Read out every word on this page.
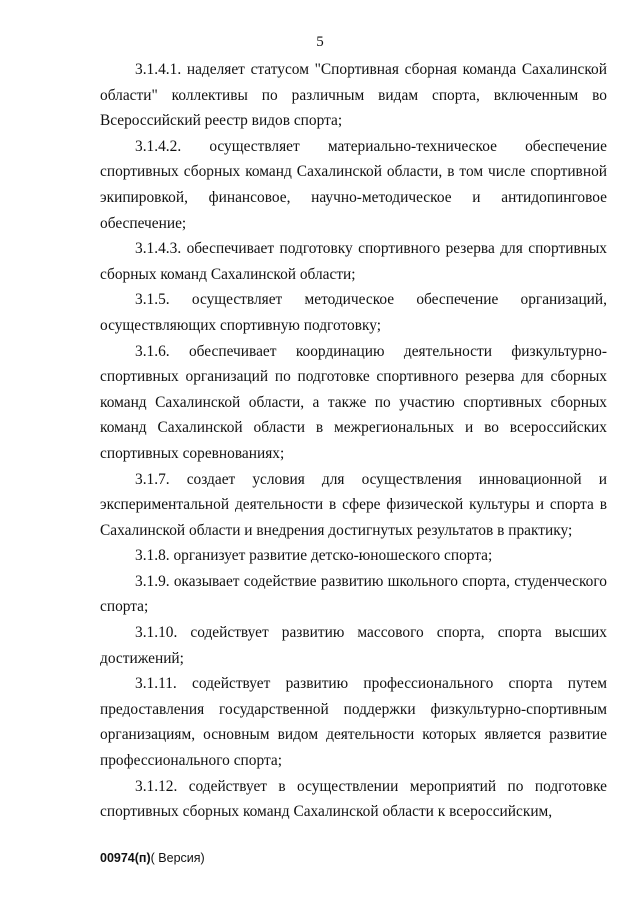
5

3.1.4.1. наделяет статусом "Спортивная сборная команда Сахалинской области" коллективы по различным видам спорта, включенным во Всероссийский реестр видов спорта;

3.1.4.2. осуществляет материально-техническое обеспечение спортивных сборных команд Сахалинской области, в том числе спортивной экипировкой, финансовое, научно-методическое и антидопинговое обеспечение;

3.1.4.3. обеспечивает подготовку спортивного резерва для спортивных сборных команд Сахалинской области;

3.1.5. осуществляет методическое обеспечение организаций, осуществляющих спортивную подготовку;

3.1.6. обеспечивает координацию деятельности физкультурно-спортивных организаций по подготовке спортивного резерва для сборных команд Сахалинской области, а также по участию спортивных сборных команд Сахалинской области в межрегиональных и во всероссийских спортивных соревнованиях;

3.1.7. создает условия для осуществления инновационной и экспериментальной деятельности в сфере физической культуры и спорта в Сахалинской области и внедрения достигнутых результатов в практику;

3.1.8. организует развитие детско-юношеского спорта;

3.1.9. оказывает содействие развитию школьного спорта, студенческого спорта;

3.1.10. содействует развитию массового спорта, спорта высших достижений;

3.1.11. содействует развитию профессионального спорта путем предоставления государственной поддержки физкультурно-спортивным организациям, основным видом деятельности которых является развитие профессионального спорта;

3.1.12. содействует в осуществлении мероприятий по подготовке спортивных сборных команд Сахалинской области к всероссийским,

00974(п)( Версия)
